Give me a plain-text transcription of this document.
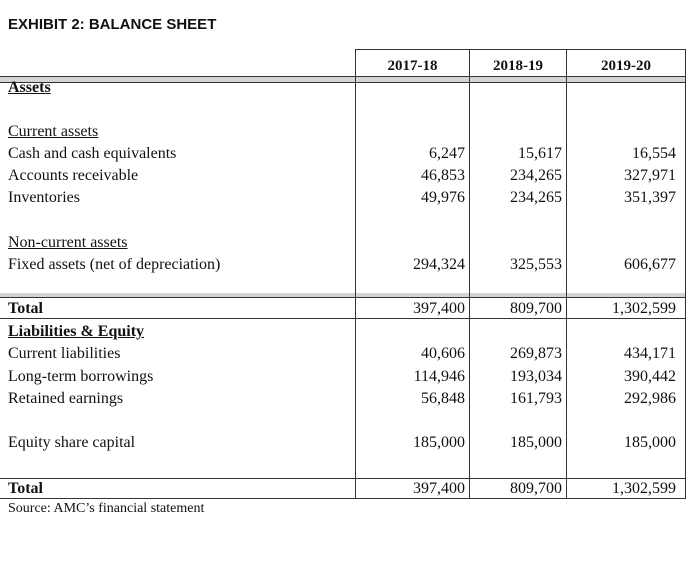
EXHIBIT 2: BALANCE SHEET
2017-18	2018-19	2019-20
Assets
Current assets
Cash and cash equivalents	6,247	15,617	16,554
Accounts receivable	46,853	234,265	327,971
Inventories	49,976	234,265	351,397
Non-current assets
Fixed assets (net of depreciation)	294,324	325,553	606,677
Total	397,400	809,700	1,302,599
Liabilities & Equity
Current liabilities	40,606	269,873	434,171
Long-term borrowings	114,946	193,034	390,442
Retained earnings	56,848	161,793	292,986
Equity share capital	185,000	185,000	185,000
Total	397,400	809,700	1,302,599
Source: AMC’s financial statement
